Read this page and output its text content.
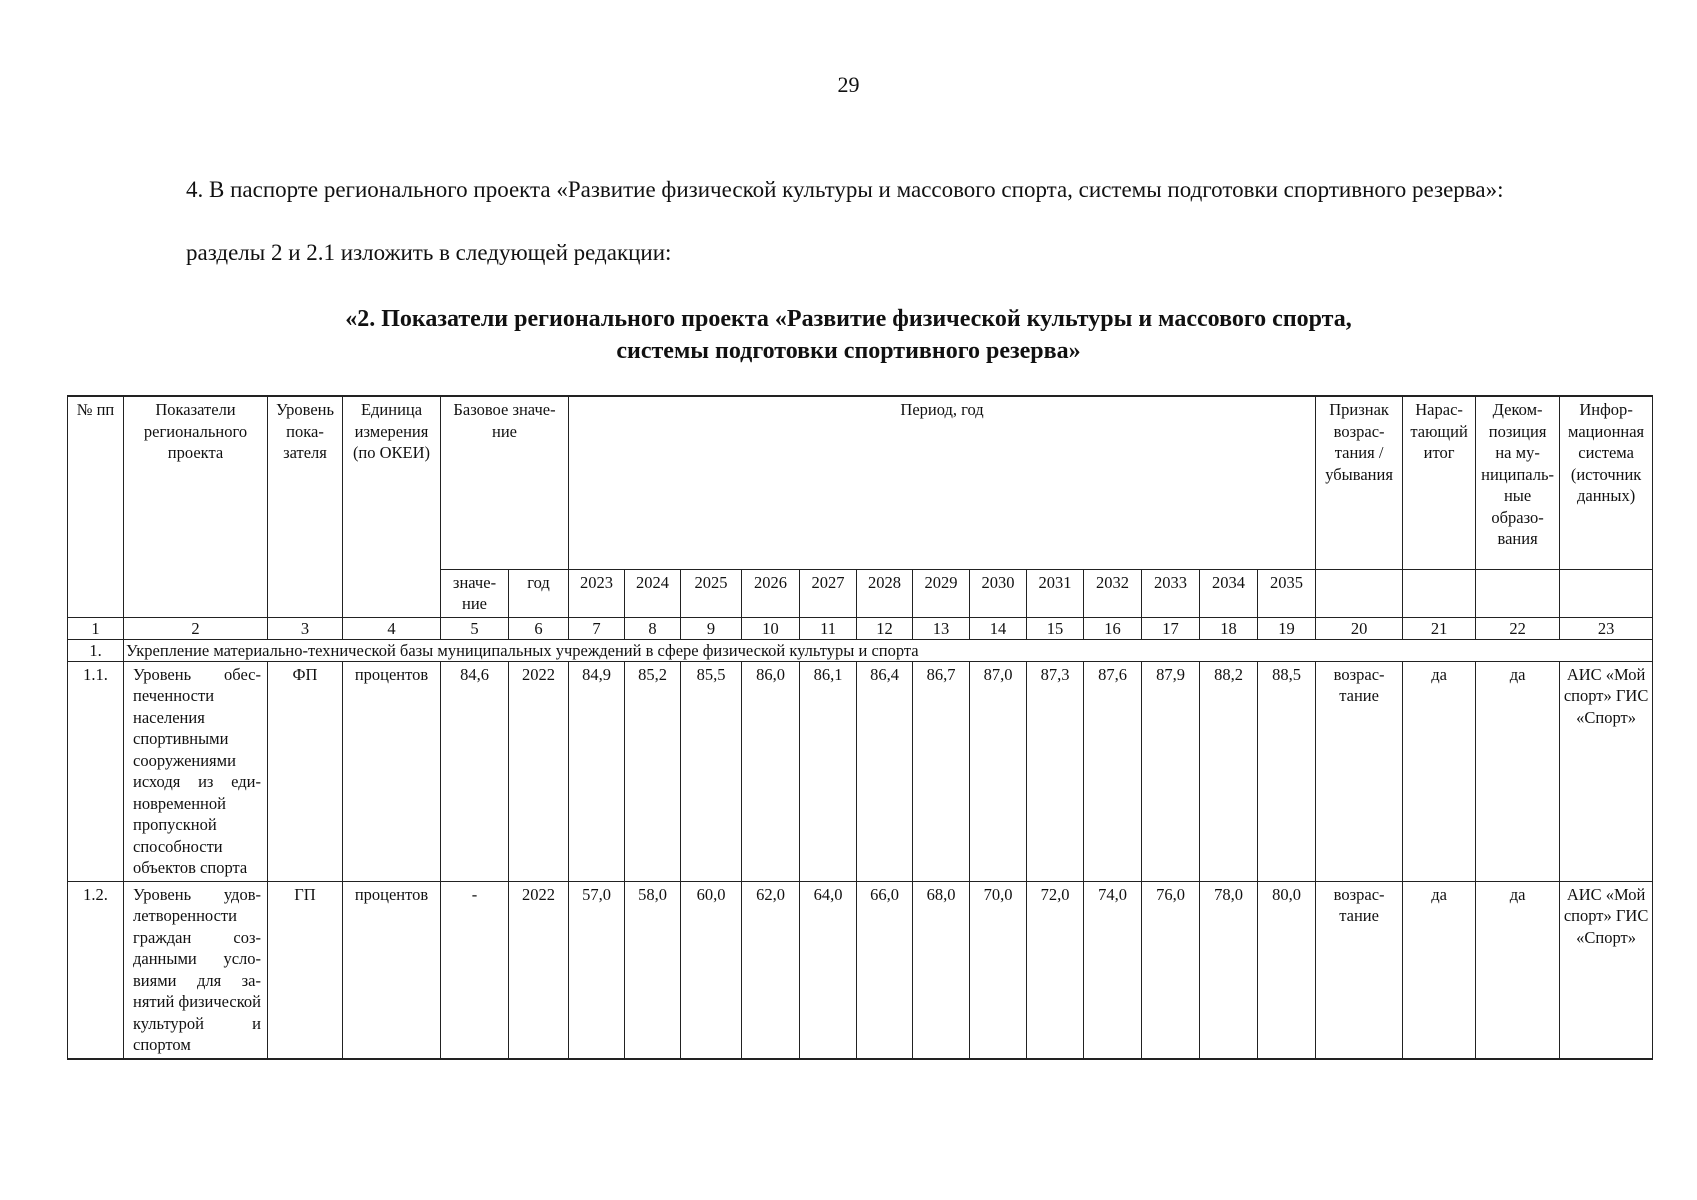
29
4. В паспорте регионального проекта «Развитие физической культуры и массового спорта, системы подготовки спортивного резерва»:
разделы 2 и 2.1 изложить в следующей редакции:
«2. Показатели регионального проекта «Развитие физической культуры и массового спорта,
системы подготовки спортивного резерва»
№ пп	Показатели регионального проекта	Уровень показателя	Единица измерения (по ОКЕИ)	Базовое значение		Период, год													Признак возрастания / убывания	Нарастающий итог	Декомпозиция на муниципальные образования	Информационная система (источник данных)
				значение	год	2023	2024	2025	2026	2027	2028	2029	2030	2031	2032	2033	2034	2035				
1	2	3	4	5	6	7	8	9	10	11	12	13	14	15	16	17	18	19	20	21	22	23
1.	Укрепление материально-технической базы муниципальных учреждений в сфере физической культуры и спорта																					
1.1.	Уровень обеспеченности населения спортивными сооружениями исходя из единовременной пропускной способности объектов спорта	ФП	процентов	84,6	2022	84,9	85,2	85,5	86,0	86,1	86,4	86,7	87,0	87,3	87,6	87,9	88,2	88,5	возрастание	да	да	АИС «Мой спорт» ГИС «Спорт»
1.2.	Уровень удовлетворенности граждан созданными условиями для занятий физической культурой и спортом	ГП	процентов	-	2022	57,0	58,0	60,0	62,0	64,0	66,0	68,0	70,0	72,0	74,0	76,0	78,0	80,0	возрастание	да	да	АИС «Мой спорт» ГИС «Спорт»
